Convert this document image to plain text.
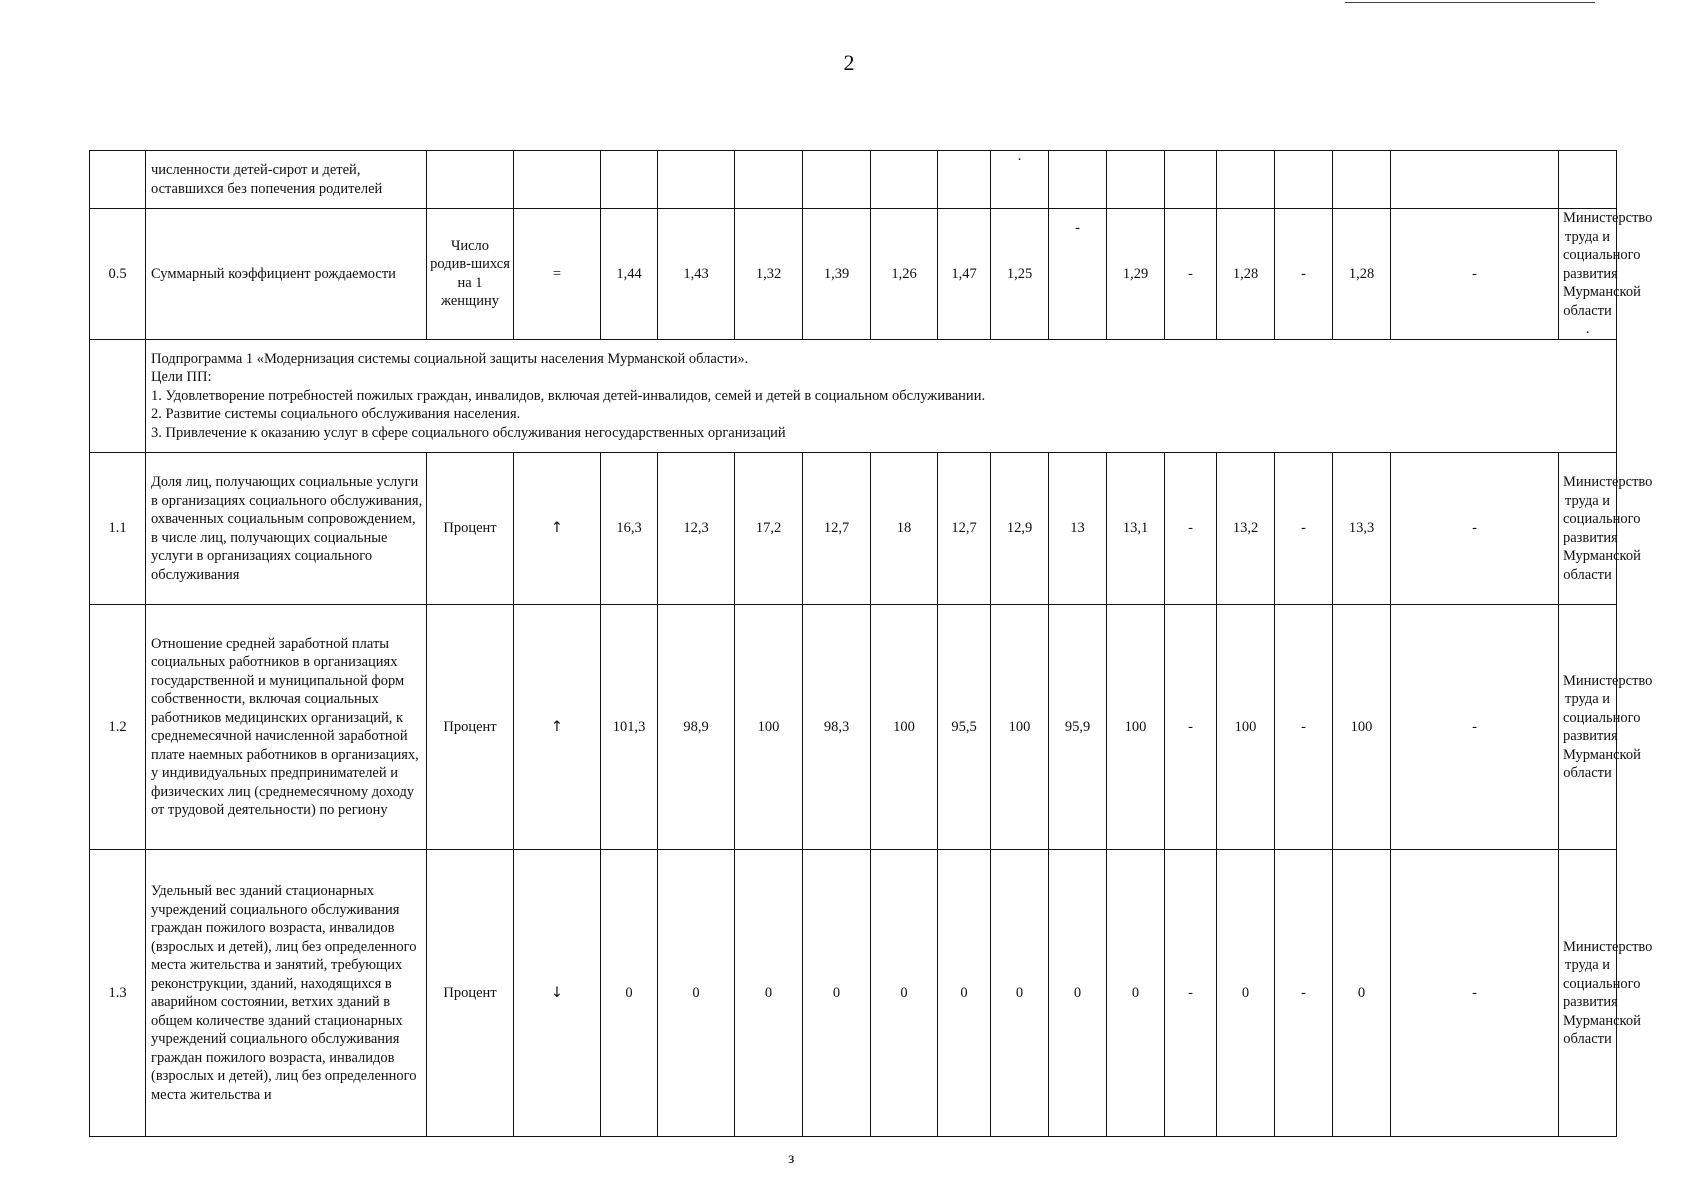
2
	численности детей-сирот и детей, оставшихся без попечения родителей									·								
0.5	Суммарный коэффициент рождаемости	Число родив-шихся на 1 женщину	=	1,44	1,43	1,32	1,39	1,26	1,47	1,25	-	1,29	-	1,28	-	1,28	-	Министерство труда и социального развития Мурманской области .

	Подпрограмма 1 «Модернизация системы социальной защиты населения Мурманской области».
Цели ПП:
1. Удовлетворение потребностей пожилых граждан, инвалидов, включая детей-инвалидов, семей и детей в социальном обслуживании.
2. Развитие системы социального обслуживания населения.
3. Привлечение к оказанию услуг в сфере социального обслуживания негосударственных организаций																	

1.1	Доля лиц, получающих социальные услуги в организациях социального обслуживания, охваченных социальным сопровождением, в числе лиц, получающих социальные услуги в организациях социального обслуживания	Процент	↑	16,3	12,3	17,2	12,7	18	12,7	12,9	13	13,1	-	13,2	-	13,3	-	Министерство труда и социального развития Мурманской области
1.2	Отношение средней заработной платы социальных работников в организациях государственной и муниципальной форм собственности, включая социальных работников медицинских организаций, к среднемесячной начисленной заработной плате наемных работников в организациях, у индивидуальных предпринимателей и физических лиц (среднемесячному доходу от трудовой деятельности) по региону	Процент	↑	101,3	98,9	100	98,3	100	95,5	100	95,9	100	-	100	-	100	-	Министерство труда и социального развития Мурманской области
1.3	Удельный вес зданий стационарных учреждений социального обслуживания граждан пожилого возраста, инвалидов (взрослых и детей), лиц без определенного места жительства и занятий, требующих реконструкции, зданий, находящихся в аварийном состоянии, ветхих зданий в общем количестве зданий стационарных учреждений социального обслуживания граждан пожилого возраста, инвалидов (взрослых и детей), лиц без определенного места жительства и	Процент	↓	0	0	0	0	0	0	0	0	0	-	0	-	0	-	Министерство труда и социального развития Мурманской области
з
